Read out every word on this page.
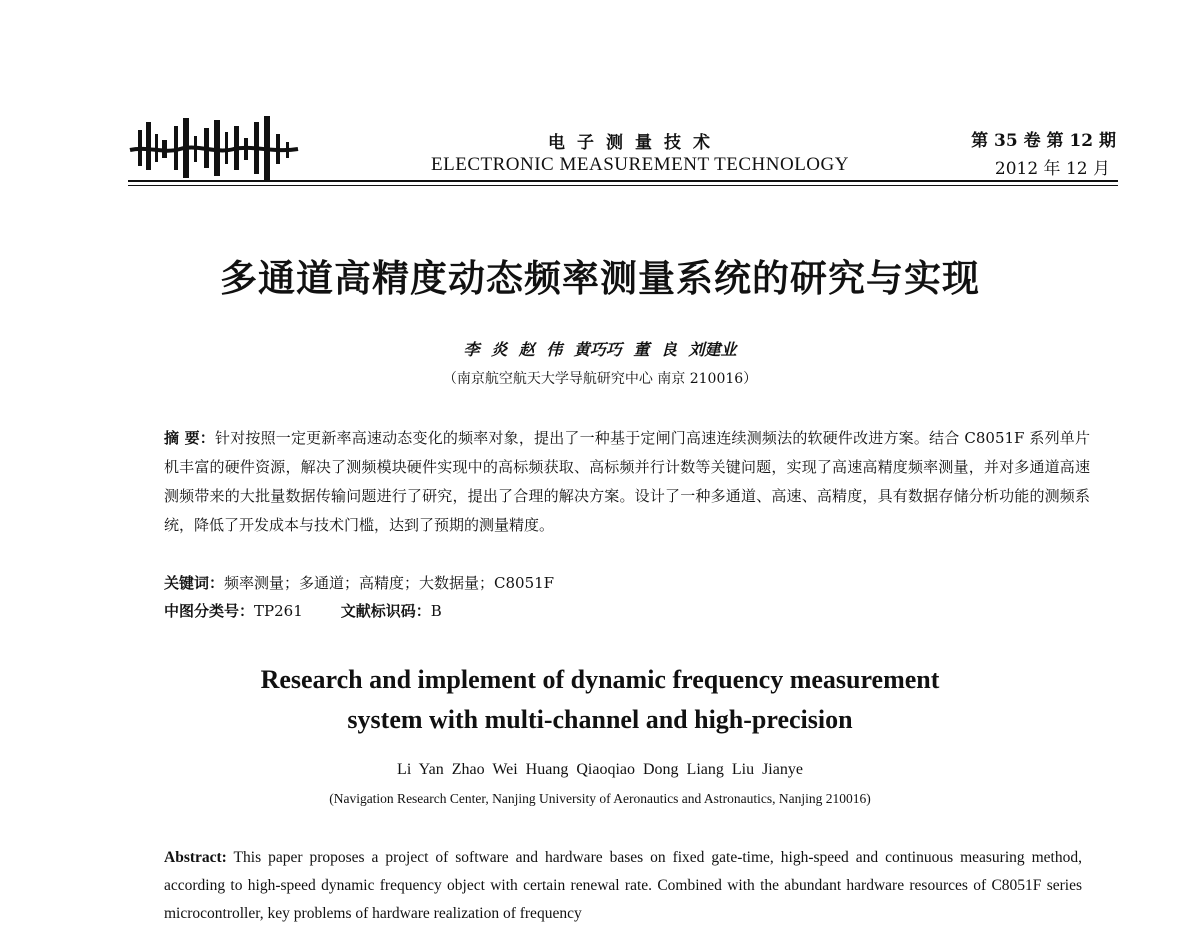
电子测量技术
ELECTRONIC MEASUREMENT TECHNOLOGY
第 35 卷 第 12 期
2012 年 12 月
多通道高精度动态频率测量系统的研究与实现
李 炎 赵 伟 黄巧巧 董 良 刘建业
（南京航空航天大学导航研究中心 南京 210016）
摘 要：针对按照一定更新率高速动态变化的频率对象，提出了一种基于定闸门高速连续测频法的软硬件改进方案。结合 C8051F 系列单片机丰富的硬件资源，解决了测频模块硬件实现中的高标频获取、高标频并行计数等关键问题，实现了高速高精度频率测量，并对多通道高速测频带来的大批量数据传输问题进行了研究，提出了合理的解决方案。设计了一种多通道、高速、高精度，具有数据存储分析功能的测频系统，降低了开发成本与技术门槛，达到了预期的测量精度。
关键词：频率测量；多通道；高精度；大数据量；C8051F
中图分类号：TP261	文献标识码：B
Research and implement of dynamic frequency measurement
system with multi-channel and high-precision
Li Yan Zhao Wei Huang Qiaoqiao Dong Liang Liu Jianye
(Navigation Research Center, Nanjing University of Aeronautics and Astronautics, Nanjing 210016)
Abstract: This paper proposes a project of software and hardware bases on fixed gate-time, high-speed and continuous measuring method, according to high-speed dynamic frequency object with certain renewal rate. Combined with the abundant hardware resources of C8051F series microcontroller, key problems of hardware realization of frequency
